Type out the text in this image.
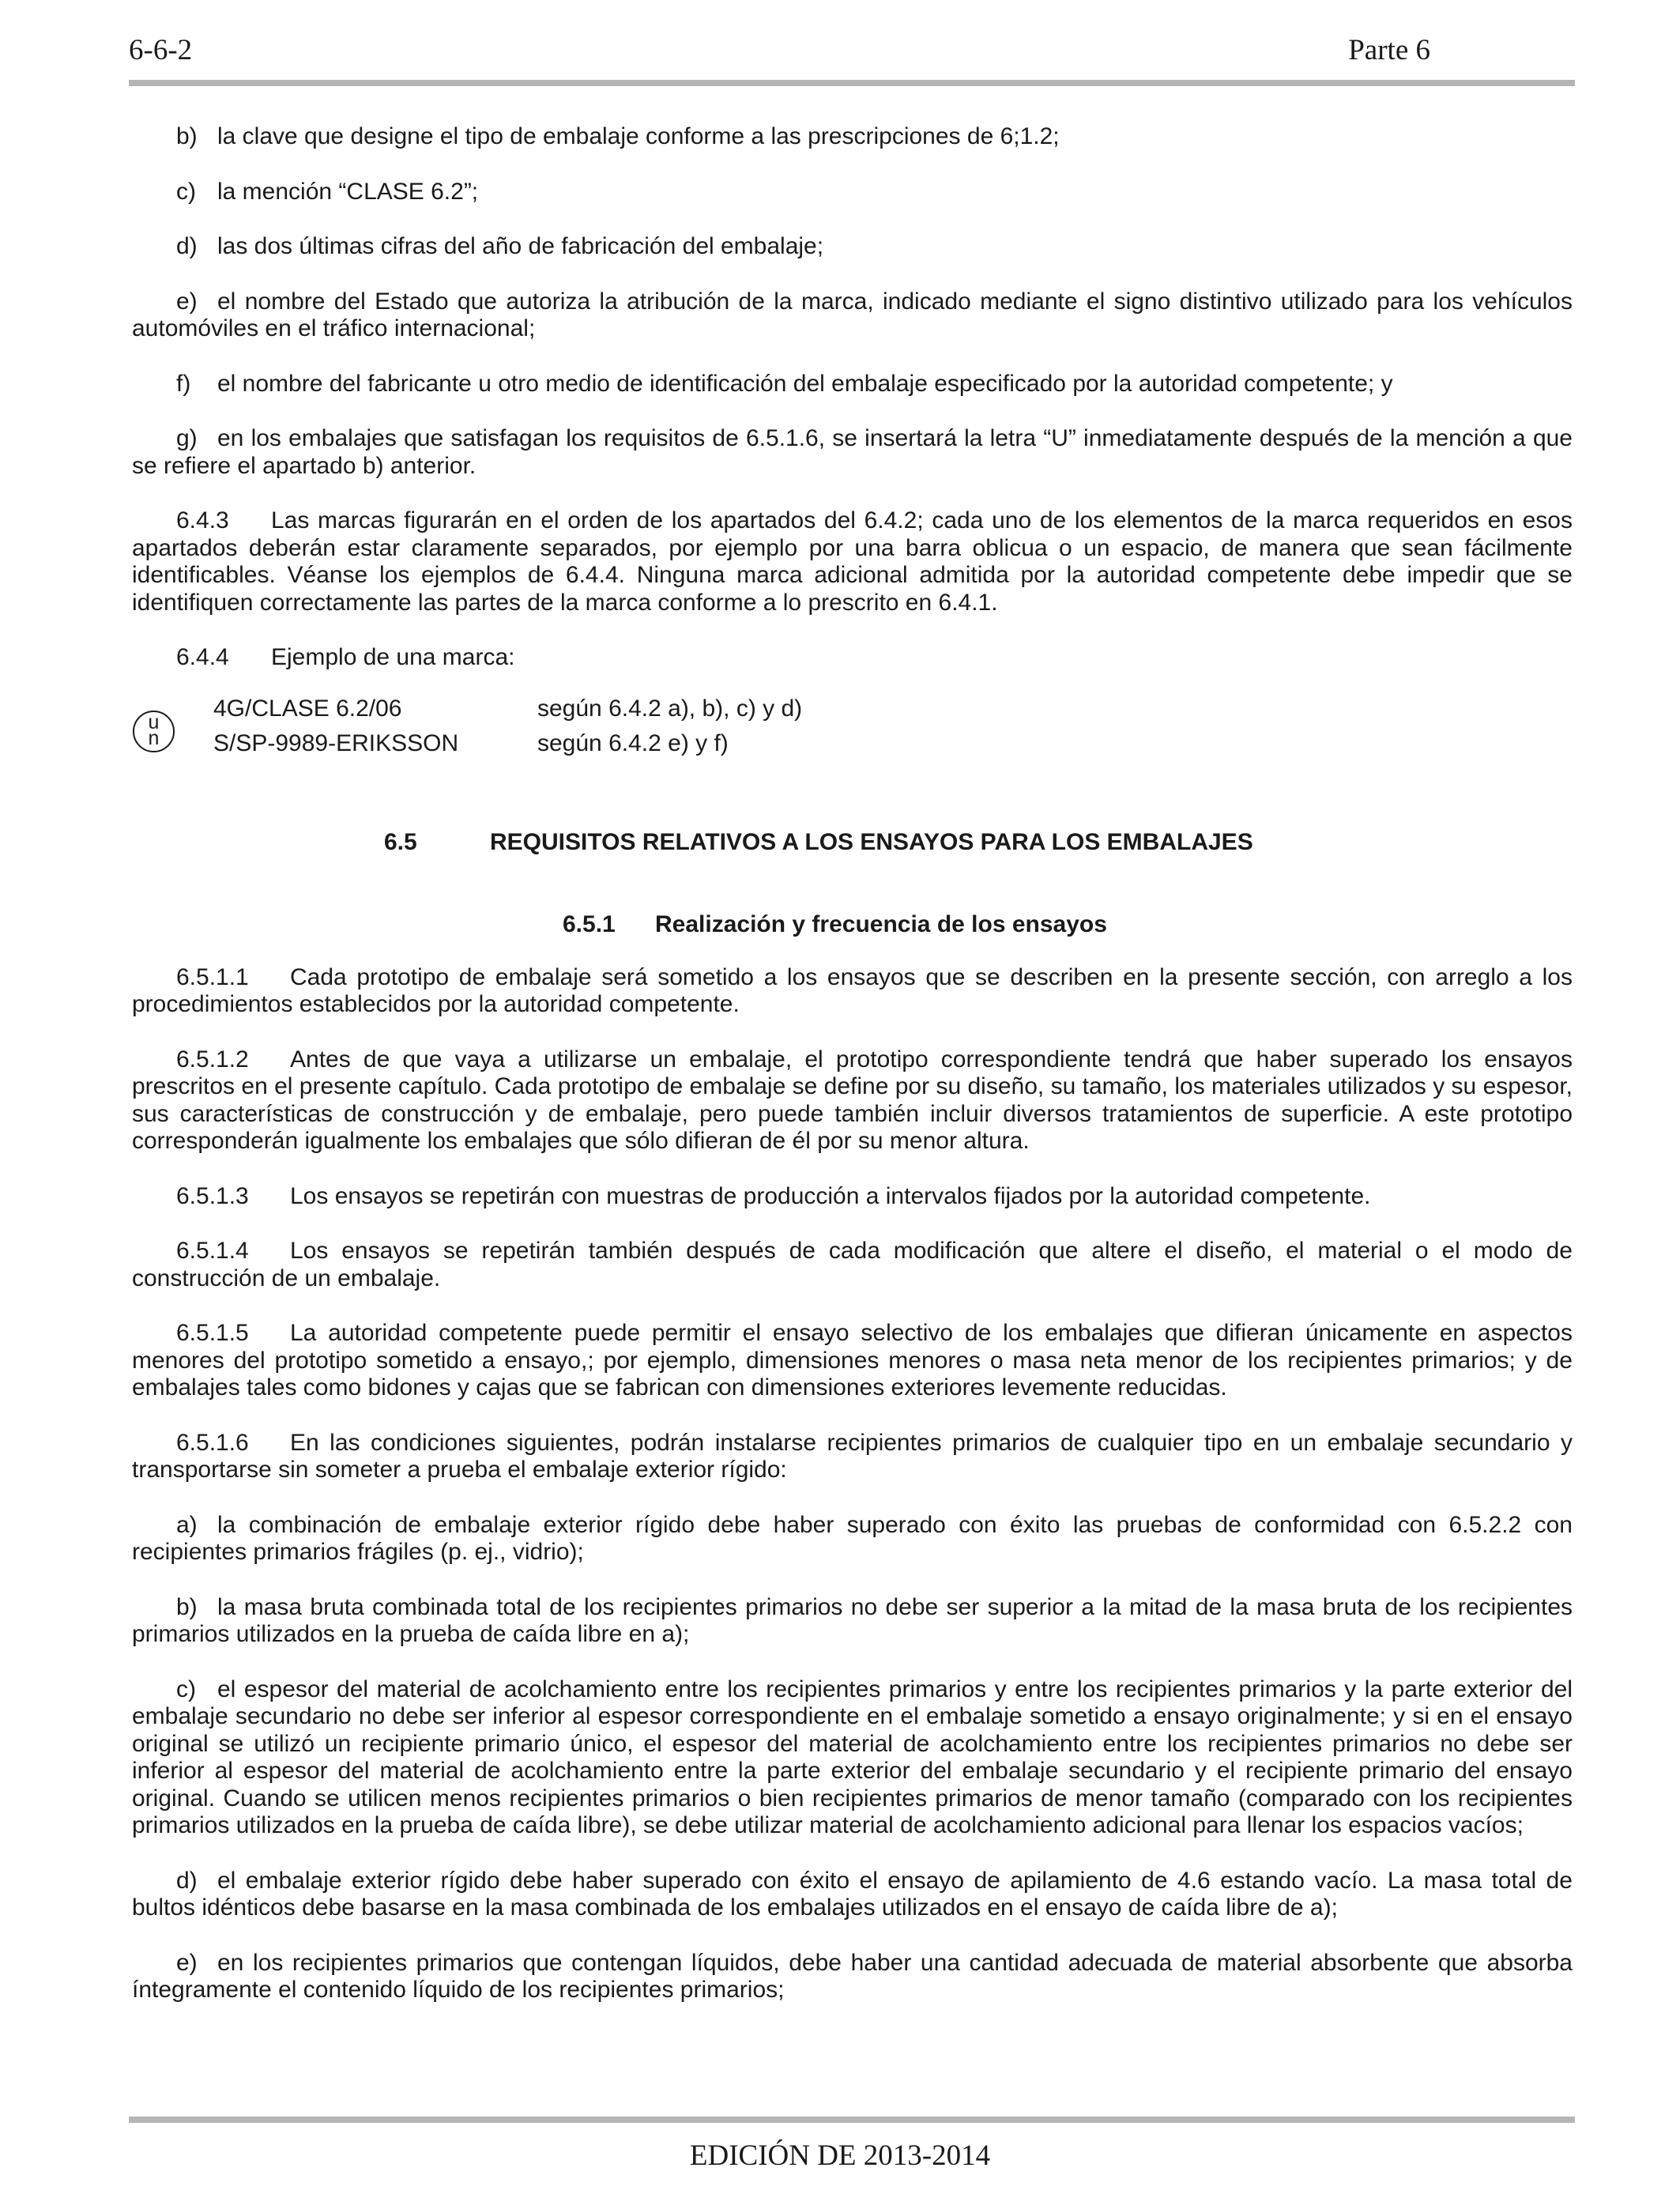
6-6-2	Parte 6

b) la clave que designe el tipo de embalaje conforme a las prescripciones de 6;1.2;

c) la mención “CLASE 6.2”;

d) las dos últimas cifras del año de fabricación del embalaje;

e) el nombre del Estado que autoriza la atribución de la marca, indicado mediante el signo distintivo utilizado para los vehículos automóviles en el tráfico internacional;

f) el nombre del fabricante u otro medio de identificación del embalaje especificado por la autoridad competente; y

g) en los embalajes que satisfagan los requisitos de 6.5.1.6, se insertará la letra “U” inmediatamente después de la mención a que se refiere el apartado b) anterior.

6.4.3 Las marcas figurarán en el orden de los apartados del 6.4.2; cada uno de los elementos de la marca requeridos en esos apartados deberán estar claramente separados, por ejemplo por una barra oblicua o un espacio, de manera que sean fácilmente identificables. Véanse los ejemplos de 6.4.4. Ninguna marca adicional admitida por la autoridad competente debe impedir que se identifiquen correctamente las partes de la marca conforme a lo prescrito en 6.4.1.

6.4.4 Ejemplo de una marca:

u
n
4G/CLASE 6.2/06	según 6.4.2 a), b), c) y d)
S/SP-9989-ERIKSSON	según 6.4.2 e) y f)
6.5	REQUISITOS RELATIVOS A LOS ENSAYOS PARA LOS EMBALAJES
6.5.1 Realización y frecuencia de los ensayos

6.5.1.1 Cada prototipo de embalaje será sometido a los ensayos que se describen en la presente sección, con arreglo a los procedimientos establecidos por la autoridad competente.

6.5.1.2 Antes de que vaya a utilizarse un embalaje, el prototipo correspondiente tendrá que haber superado los ensayos prescritos en el presente capítulo. Cada prototipo de embalaje se define por su diseño, su tamaño, los materiales utilizados y su espesor, sus características de construcción y de embalaje, pero puede también incluir diversos tratamientos de superficie. A este prototipo corresponderán igualmente los embalajes que sólo difieran de él por su menor altura.

6.5.1.3 Los ensayos se repetirán con muestras de producción a intervalos fijados por la autoridad competente.

6.5.1.4 Los ensayos se repetirán también después de cada modificación que altere el diseño, el material o el modo de construcción de un embalaje.

6.5.1.5 La autoridad competente puede permitir el ensayo selectivo de los embalajes que difieran únicamente en aspectos menores del prototipo sometido a ensayo,; por ejemplo, dimensiones menores o masa neta menor de los recipientes primarios; y de embalajes tales como bidones y cajas que se fabrican con dimensiones exteriores levemente reducidas.

6.5.1.6 En las condiciones siguientes, podrán instalarse recipientes primarios de cualquier tipo en un embalaje secundario y transportarse sin someter a prueba el embalaje exterior rígido:

a) la combinación de embalaje exterior rígido debe haber superado con éxito las pruebas de conformidad con 6.5.2.2 con recipientes primarios frágiles (p. ej., vidrio);

b) la masa bruta combinada total de los recipientes primarios no debe ser superior a la mitad de la masa bruta de los recipientes primarios utilizados en la prueba de caída libre en a);

c) el espesor del material de acolchamiento entre los recipientes primarios y entre los recipientes primarios y la parte exterior del embalaje secundario no debe ser inferior al espesor correspondiente en el embalaje sometido a ensayo originalmente; y si en el ensayo original se utilizó un recipiente primario único, el espesor del material de acolchamiento entre los recipientes primarios no debe ser inferior al espesor del material de acolchamiento entre la parte exterior del embalaje secundario y el recipiente primario del ensayo original. Cuando se utilicen menos recipientes primarios o bien recipientes primarios de menor tamaño (comparado con los recipientes primarios utilizados en la prueba de caída libre), se debe utilizar material de acolchamiento adicional para llenar los espacios vacíos;

d) el embalaje exterior rígido debe haber superado con éxito el ensayo de apilamiento de 4.6 estando vacío. La masa total de bultos idénticos debe basarse en la masa combinada de los embalajes utilizados en el ensayo de caída libre de a);

e) en los recipientes primarios que contengan líquidos, debe haber una cantidad adecuada de material absorbente que absorba íntegramente el contenido líquido de los recipientes primarios;

EDICIÓN DE 2013-2014
